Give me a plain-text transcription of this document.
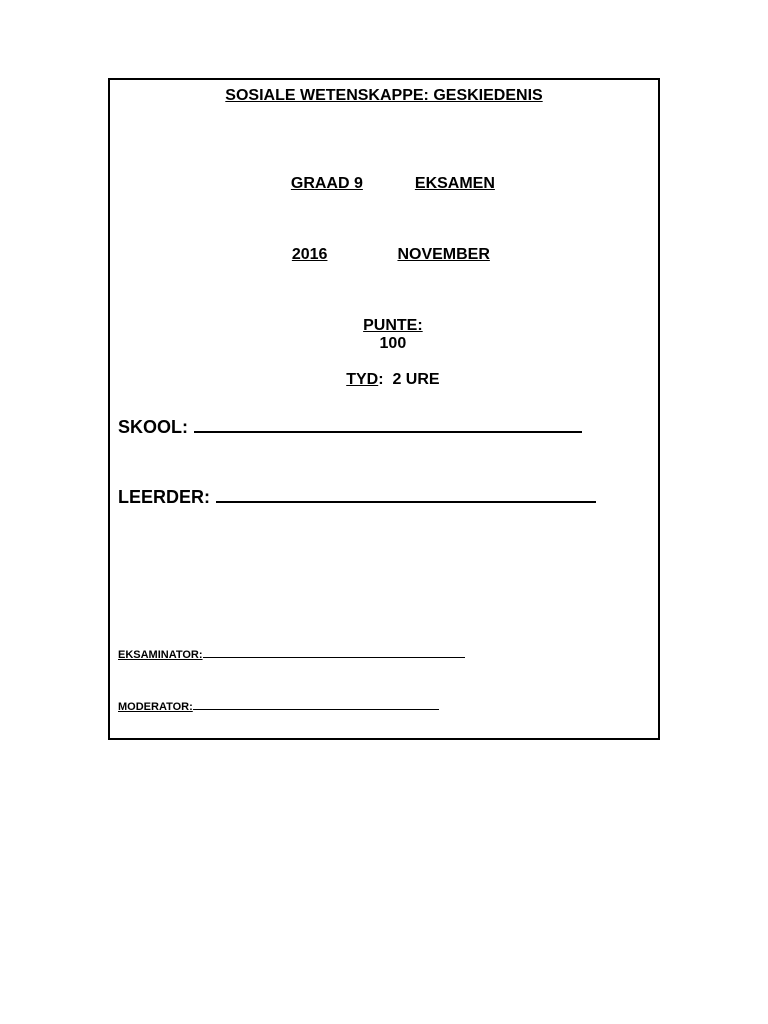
SOSIALE WETENSKAPPE: GESKIEDENIS

GRAAD 9	EKSAMEN

2016	NOVEMBER

PUNTE:
100

TYD:  2 URE

SKOOL:
LEERDER:
EKSAMINATOR:
MODERATOR:
